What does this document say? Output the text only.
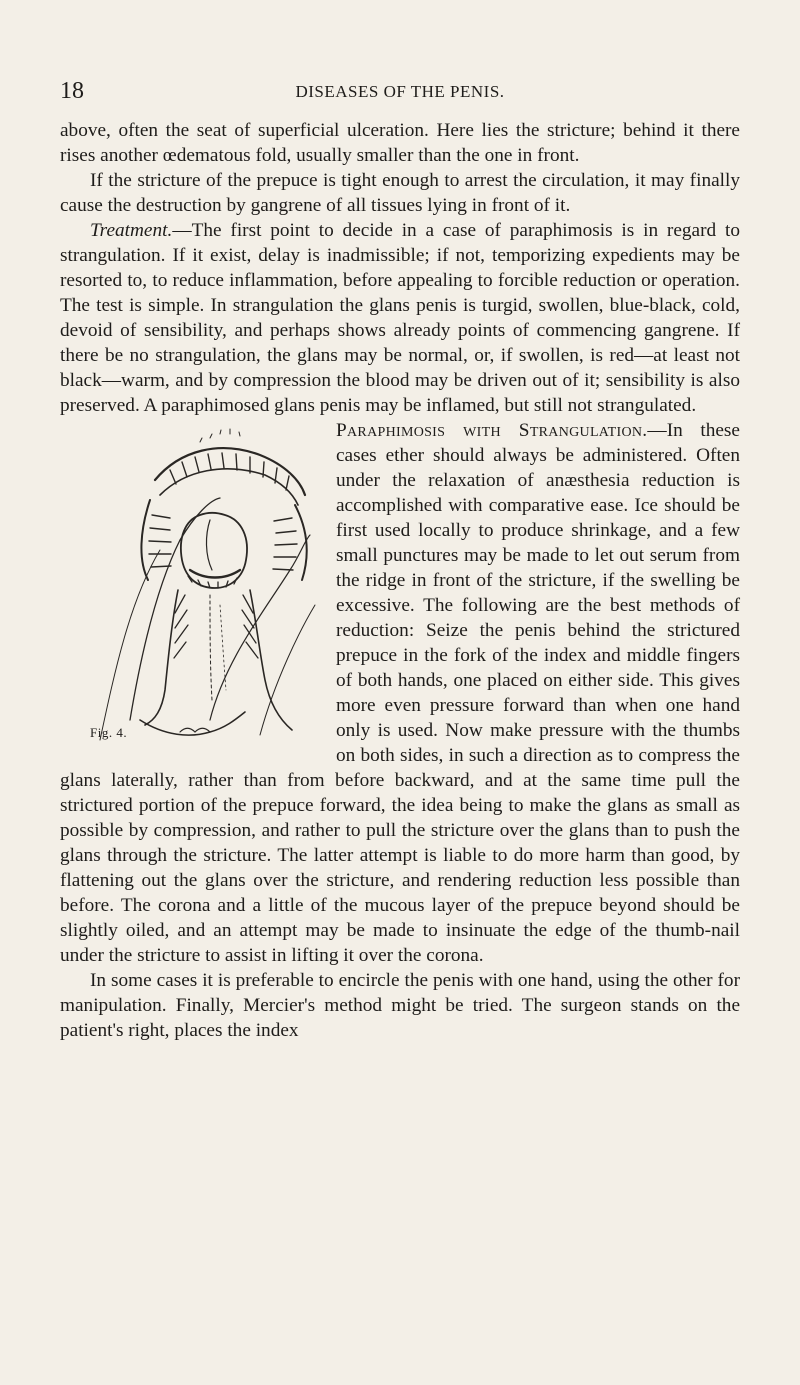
18	DISEASES OF THE PENIS.

above, often the seat of superficial ulceration. Here lies the stricture; behind it there rises another œdematous fold, usually smaller than the one in front.

If the stricture of the prepuce is tight enough to arrest the circulation, it may finally cause the destruction by gangrene of all tissues lying in front of it.

Treatment.—The first point to decide in a case of paraphimosis is in regard to strangulation. If it exist, delay is inadmissible; if not, temporizing expedients may be resorted to, to reduce inflammation, before appealing to forcible reduction or operation. The test is simple. In strangulation the glans penis is turgid, swollen, blue-black, cold, devoid of sensibility, and perhaps shows already points of commencing gangrene. If there be no strangulation, the glans may be normal, or, if swollen, is red—at least not black—warm, and by compression the blood may be driven out of it; sensibility is also preserved. A paraphimosed glans penis may be inflamed, but still not strangulated.

Fig. 4.

Paraphimosis with Strangulation.—In these cases ether should always be administered. Often under the relaxation of anæsthesia reduction is accomplished with comparative ease. Ice should be first used locally to produce shrinkage, and a few small punctures may be made to let out serum from the ridge in front of the stricture, if the swelling be excessive. The following are the best methods of reduction: Seize the penis behind the strictured prepuce in the fork of the index and middle fingers of both hands, one placed on either side. This gives more even pressure forward than when one hand only is used. Now make pressure with the thumbs on both sides, in such a direction as to compress the glans laterally, rather than from before backward, and at the same time pull the strictured portion of the prepuce forward, the idea being to make the glans as small as possible by compression, and rather to pull the stricture over the glans than to push the glans through the stricture. The latter attempt is liable to do more harm than good, by flattening out the glans over the stricture, and rendering reduction less possible than before. The corona and a little of the mucous layer of the prepuce beyond should be slightly oiled, and an attempt may be made to insinuate the edge of the thumb-nail under the stricture to assist in lifting it over the corona.

In some cases it is preferable to encircle the penis with one hand, using the other for manipulation. Finally, Mercier's method might be tried. The surgeon stands on the patient's right, places the index
